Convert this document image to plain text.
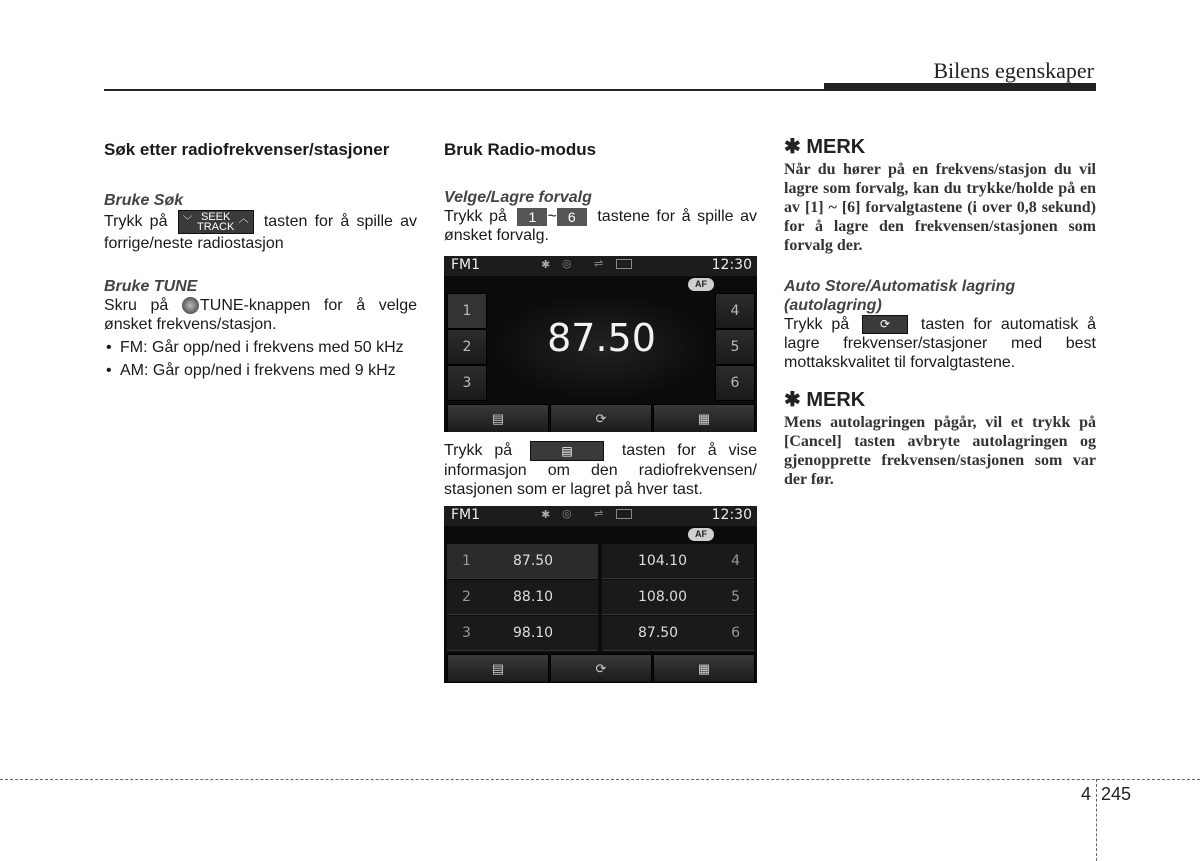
Bilens egenskaper
Søk etter radiofrekvenser/stasjoner
Bruke Søk

Trykk på ﹀ SEEK
TRACK
︿ tasten for å spille av forrige/neste radiostasjon

Bruke TUNE

Skru på TUNE-knappen for å velge ønsket frekvens/stasjon.

• FM: Går opp/ned i frekvens med 50 kHz
• AM: Går opp/ned i frekvens med 9 kHz
Bruk Radio-modus
Velge/Lagre forvalg

Trykk på 1 ~ 6 tastene for å spille av ønsket forvalg.

FM1	✱ ◎ ⇌	12:30
AF
1
2
3
4
5
6
87.50
▤	⟳	▦

Trykk på	▤	tasten for å vise informasjon om den radiofrekvensen/ stasjonen som er lagret på hver tast.

FM1	✱ ◎ ⇌	12:30
AF
1	87.50
2	88.10
3	98.10
104.10	4
108.00	5
87.50	6
▤	⟳	▦
✱ MERK
Når du hører på en frekvens/stasjon du vil lagre som forvalg, kan du trykke/holde på en av [1] ~ [6] forvalgtastene (i over 0,8 sekund) for å lagre den frekvensen/stasjonen som forvalg der.
Auto Store/Automatisk lagring (autolagring)

Trykk på	⟳ tasten for automatisk å lagre frekvenser/stasjoner med best mottakskvalitet til forvalgtastene.

✱ MERK
Mens autolagringen pågår, vil et trykk på [Cancel] tasten avbryte autolagringen og gjenopprette frekvensen/stasjonen som var der før.
4 245
